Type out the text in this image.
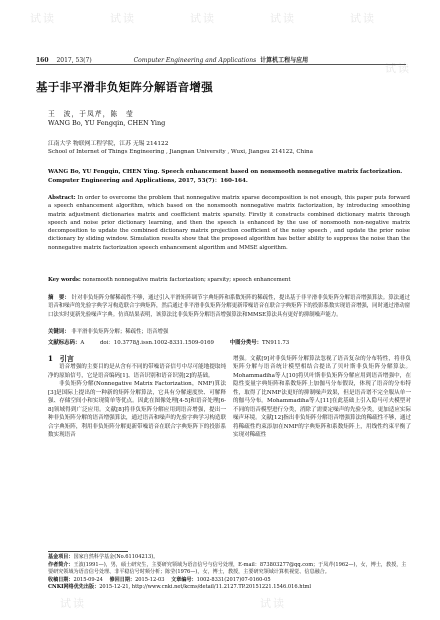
试读	试读	试读	试读	试读
试读
试读	试读
160 2017, 53(7)	Computer Engineering and Applications 计算机工程与应用
基于非平滑非负矩阵分解语音增强
王　波，于凤芹，陈　莹
WANG Bo, YU Fengqin, CHEN Ying
江南大学 物联网工程学院，江苏 无锡 214122
School of Internet of Things Engineering , Jiangnan University , Wuxi, Jiangsu 214122, China
WANG Bo, YU Fengqin, CHEN Ying. Speech enhancement based on nonsmooth nonnegative matrix factorization. Computer Engineering and Applications, 2017, 53(7)：160-164.
Abstract: In order to overcome the problem that nonnegative matrix sparse decomposition is not enough, this paper puts forward a speech enhancement algorithm, which based on the nonsmooth nonnegative matrix factorization, by introducing smoothing matrix adjustment dictionaries matrix and coefficient matrix sparsity. Firstly it constructs combined dictionary matrix through speech and noise prior dictionary learning, and then the speech is enhanced by the use of nonsmooth non-negative matrix decomposition to update the combined dictionary matrix projection coefficient of the noisy speech , and update the prior noise dictionary by sliding window. Simulation results show that the proposed algorithm has better ability to suppress the noise than the nonnegative matrix factorization speech enhancement algorithm and MMSE algorithm.
Key words: nonsmooth nonnegative matrix factorization; sparsity; speech enhancement
摘　要： 针对非负矩阵分解稀疏性不够，通过引入平滑矩阵调节字典矩阵和系数矩阵的稀疏性，提出基于非平滑非负矩阵分解语音增强算法。算法通过语音和噪声的先验字典学习构造联合字典矩阵，然后通过非平滑非负矩阵分解更新带噪语音在联合字典矩阵下的投影系数实现语音增强，同时通过滑动窗口法实时更新先验噪声字典。仿真结果表明，该算法比非负矩阵分解语音增强算法和MMSE算法具有更好的抑制噪声能力。
关键词： 非平滑非负矩阵分解；稀疏性；语音增强
文献标志码：A	doi：10.3778/j.issn.1002-8331.1509-0169	中图分类号：TN911.73

1　引言

语音增强的主要目的是从含有不同的带噪语音信号中尽可能地提取纯净的原始信号，它是语音编码[1]、语音识别和语音识别[2]的基础。

非负矩阵分解(Nonnegative Matrix Factorization，NMF)算法[3]是国际上提出的一种新的矩阵分解算法，它具有分解速度快、可解释强、存储空间小和实现简单等优点。因此在图像处理[4-5]和语音处理[6-8]领域得到广泛应用。文献[8]将非负矩阵分解应用到语音增强，提出一种非负矩阵分解的语音增强算法，通过语音和噪声的先验字典学习构造联合字典矩阵，利用非负矩阵分解更新带噪语音在联合字典矩阵下的投影系数实现语音

增强。文献[9]对非负矩阵分解算法忽视了语音复杂的分布特性，将非负矩阵分解与语音统计模型相结合提出了贝叶斯非负矩阵分解算法。Mohammadiha等人[10]将贝叶斯非负矩阵分解应用到语音增强中，在隐性变量字典矩阵和系数矩阵上加伽马分布假设，体现了语音的分布特性，取得了比NMF法更好的抑制噪声效果，但是语音谱不完全服从单一的伽马分布。Mohammadiha等人[11]在此基础上引入隐马可夫模型对不同的语音模型进行分类，消除了需要定噪声的先验分类，更加适应实际噪声环境。文献[12]指出非负矩阵分解语音增强算法的稀疏性不够，通过将稀疏性约束添加在NMF的字典矩阵和系数矩阵上，用线性约束平衡了实现对稀疏性

基金项目：国家自然科学基金(No.61104213)。

作者简介：王波(1991—)，男，硕士研究生，主要研究领域为语音信号与信号处理，E-mail：873803277@qq.com；于凤芹(1962—)，女，博士，教授，主要研究领域为语音信号处理、非平稳信号时频分析；陈莹(1976—)，女，博士，教授，主要研究领域计算机视觉、信息融合。

收稿日期：2015-09-24　 修回日期：2015-12-03　 文章编号：1002-8331(2017)07-0160-05

CNKI网络优先出版：2015-12-21, http://www.cnki.net/kcms/detail/11.2127.TP.20151221.1546.016.html
